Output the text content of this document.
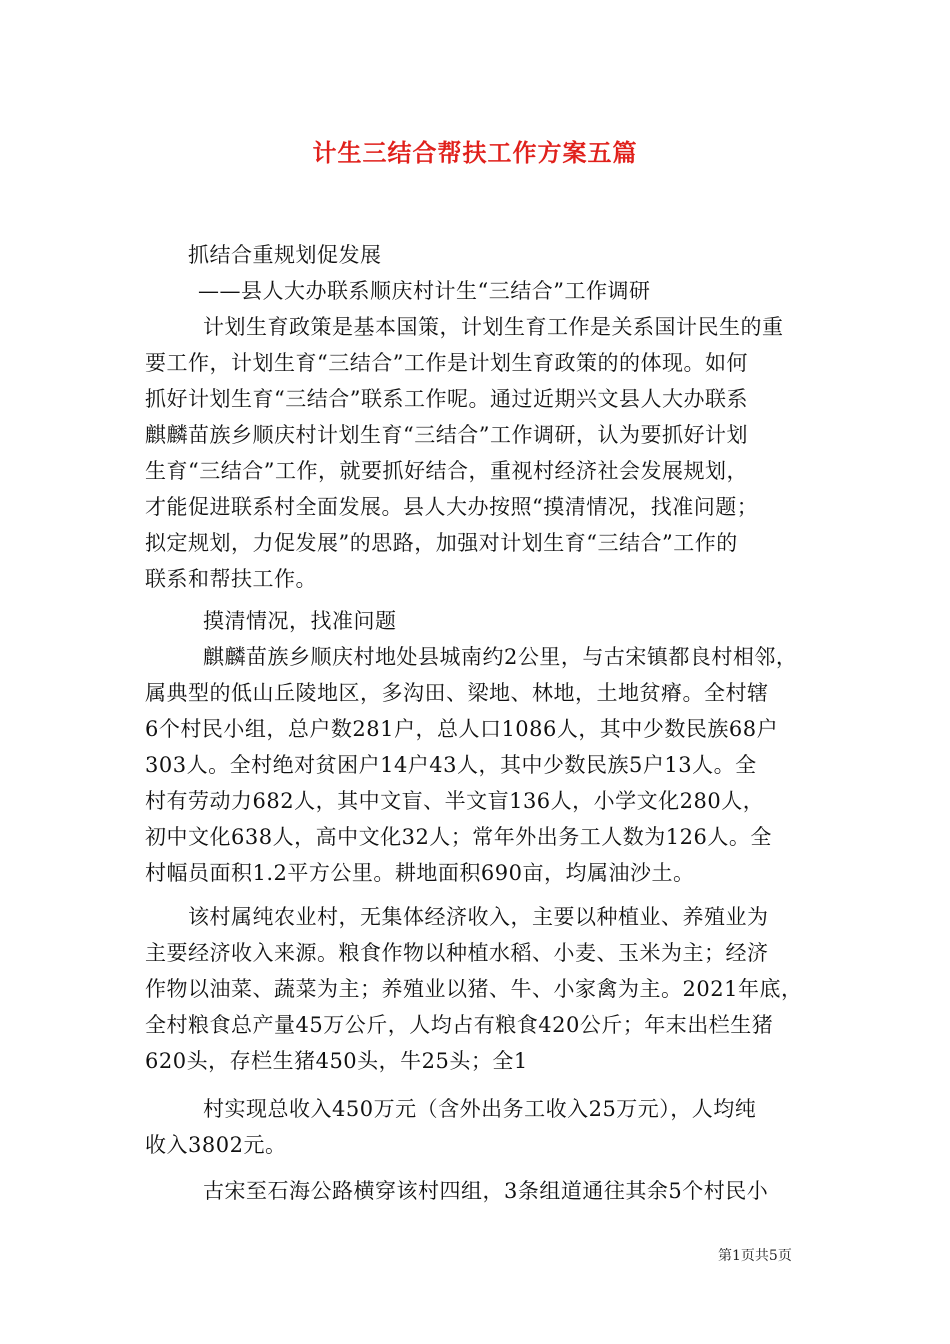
计生三结合帮扶工作方案五篇
抓结合重规划促发展
——县人大办联系顺庆村计生“三结合”工作调研
计划生育政策是基本国策，计划生育工作是关系国计民生的重
要工作，计划生育“三结合”工作是计划生育政策的的体现。如何
抓好计划生育“三结合”联系工作呢。通过近期兴文县人大办联系
麒麟苗族乡顺庆村计划生育“三结合”工作调研，认为要抓好计划
生育“三结合”工作，就要抓好结合，重视村经济社会发展规划，
才能促进联系村全面发展。县人大办按照“摸清情况，找准问题；
拟定规划，力促发展”的思路，加强对计划生育“三结合”工作的
联系和帮扶工作。
摸清情况，找准问题
麒麟苗族乡顺庆村地处县城南约2公里，与古宋镇都良村相邻，
属典型的低山丘陵地区，多沟田、梁地、林地，土地贫瘠。全村辖
6个村民小组，总户数281户，总人口1086人，其中少数民族68户
303人。全村绝对贫困户14户43人，其中少数民族5户13人。全
村有劳动力682人，其中文盲、半文盲136人，小学文化280人，
初中文化638人，高中文化32人；常年外出务工人数为126人。全
村幅员面积1.2平方公里。耕地面积690亩，均属油沙土。
该村属纯农业村，无集体经济收入，主要以种植业、养殖业为
主要经济收入来源。粮食作物以种植水稻、小麦、玉米为主；经济
作物以油菜、蔬菜为主；养殖业以猪、牛、小家禽为主。2021年底，
全村粮食总产量45万公斤，人均占有粮食420公斤；年末出栏生猪
620头，存栏生猪450头，牛25头；全1
村实现总收入450万元（含外出务工收入25万元），人均纯
收入3802元。
古宋至石海公路横穿该村四组，3条组道通往其余5个村民小
第1页共5页
